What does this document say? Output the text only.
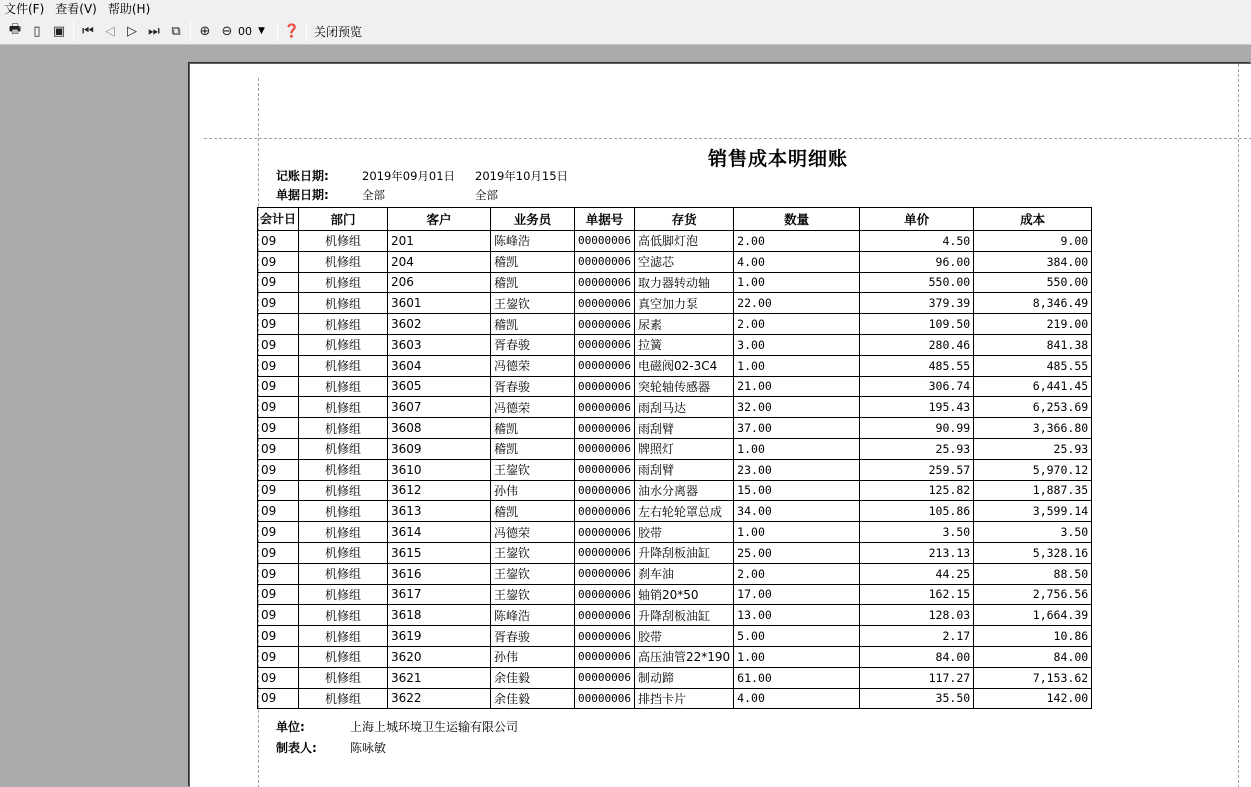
文件(F) 查看(V) 帮助(H)
🖶 ▯ ▣	⏮ ◁ ▷ ⏭ ⧉	⊕ ⊖ 00 ▼ ❓ 关闭预览
销售成本明细账
记账日期:	2019年09月01日 2019年10月15日
单据日期:	全部	全部
会计日	部门	客户	业务员	单据号	存货	数量	单价	成本
09	机修组	201	陈峰浩	00000006	高低脚灯泡	2.00	4.50	9.00
09	机修组	204	稽凯	00000006	空滤芯	4.00	96.00	384.00
09	机修组	206	稽凯	00000006	取力器转动轴	1.00	550.00	550.00
09	机修组	3601	王鋆钦	00000006	真空加力泵	22.00	379.39	8,346.49
09	机修组	3602	稽凯	00000006	尿素	2.00	109.50	219.00
09	机修组	3603	胥春骏	00000006	拉簧	3.00	280.46	841.38
09	机修组	3604	冯德荣	00000006	电磁阀02-3C4	1.00	485.55	485.55
09	机修组	3605	胥春骏	00000006	突轮轴传感器	21.00	306.74	6,441.45
09	机修组	3607	冯德荣	00000006	雨刮马达	32.00	195.43	6,253.69
09	机修组	3608	稽凯	00000006	雨刮臂	37.00	90.99	3,366.80
09	机修组	3609	稽凯	00000006	牌照灯	1.00	25.93	25.93
09	机修组	3610	王鋆钦	00000006	雨刮臂	23.00	259.57	5,970.12
09	机修组	3612	孙伟	00000006	油水分离器	15.00	125.82	1,887.35
09	机修组	3613	稽凯	00000006	左右轮轮罩总成	34.00	105.86	3,599.14
09	机修组	3614	冯德荣	00000006	胶带	1.00	3.50	3.50
09	机修组	3615	王鋆钦	00000006	升降刮板油缸	25.00	213.13	5,328.16
09	机修组	3616	王鋆钦	00000006	刹车油	2.00	44.25	88.50
09	机修组	3617	王鋆钦	00000006	轴销20*50	17.00	162.15	2,756.56
09	机修组	3618	陈峰浩	00000006	升降刮板油缸	13.00	128.03	1,664.39
09	机修组	3619	胥春骏	00000006	胶带	5.00	2.17	10.86
09	机修组	3620	孙伟	00000006	高压油管22*190	1.00	84.00	84.00
09	机修组	3621	余佳毅	00000006	制动蹄	61.00	117.27	7,153.62
09	机修组	3622	余佳毅	00000006	排挡卡片	4.00	35.50	142.00
单位:	上海上城环境卫生运输有限公司
制表人:	陈咏敏
